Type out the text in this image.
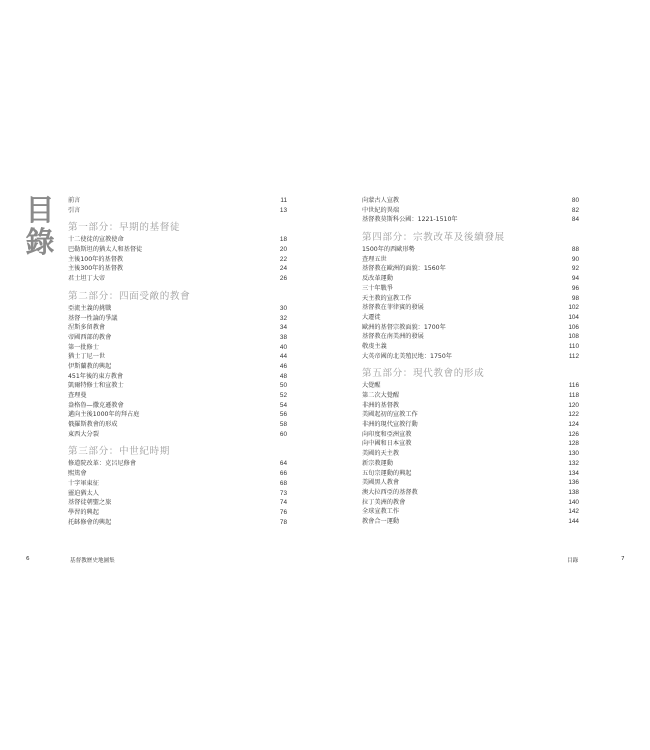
目
錄
前言	11
引言	13
第一部分：早期的基督徒
十二使徒的宣教使命	18
巴勒斯坦的猶太人和基督徒	20
主後100年的基督教	22
主後300年的基督教	24
君士坦丁大帝	26
第二部分：四面受敵的教會
亞流主義的挑戰	30
基督一性論的爭議	32
涅斯多留教會	34
帝國西部的教會	38
第一批修士	40
猶士丁尼一世	44
伊斯蘭教的興起	46
451年後的東方教會	48
凱爾特修士和宣教士	50
查理曼	52
盎格魯—撒克遜教會	54
邁向主後1000年的拜占庭	56
俄羅斯教會的形成	58
東西大分裂	60
第三部分：中世紀時期
修道院改革：克呂尼修會	64
熙篤會	66
十字軍東征	68
靈迫猶太人	73
基督徒朝聖之旅	74
學習的興起	76
托缽修會的興起	78
向蒙古人宣教	80
中世紀的異端	82
基督教莫斯科公國：1221-1510年	84
第四部分：宗教改革及後續發展
1500年的西歐形勢	88
查理五世	90
基督教在歐洲的面貌：1560年	92
反改革運動	94
三十年戰爭	96
天主教的宣教工作	98
基督教在菲律賓的發展	102
大遷徙	104
歐洲的基督宗教面貌：1700年	106
基督教在南美洲的發展	108
敬虔主義	110
大英帝國的北美殖民地：1750年	112
第五部分：現代教會的形成
大覺醒	116
第二次大覺醒	118
非洲的基督教	120
美國起初的宣教工作	122
非洲的現代宣教行動	124
向印度和亞洲宣教	126
向中國和日本宣教	128
美國的天主教	130
新宗教運動	132
五旬宗運動的興起	134
美國黑人教會	136
澳大拉西亞的基督教	138
拉丁美洲的教會	140
全球宣教工作	142
教會合一運動	144
6	基督教歷史地圖集	目錄	7
